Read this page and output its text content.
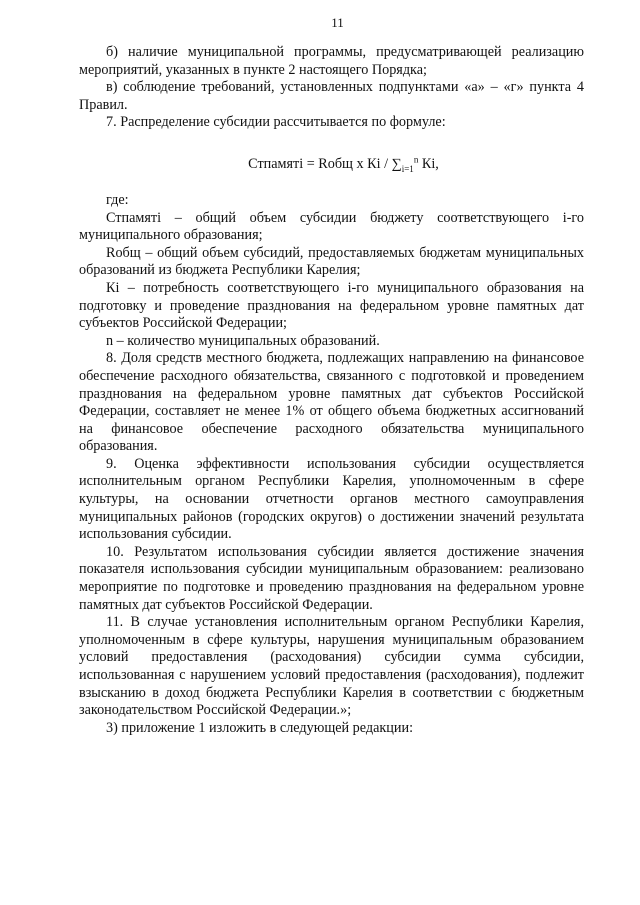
11

б) наличие муниципальной программы, предусматривающей реализацию мероприятий, указанных в пункте 2 настоящего Порядка;

в) соблюдение требований, установленных подпунктами «а» – «г» пункта 4 Правил.

7. Распределение субсидии рассчитывается по формуле:

Стпамяті = Rобщ х Кі / $\sum_{i=1}^n$ Кі,

где:

Стпамяті – общий объем субсидии бюджету соответствующего i-го муниципального образования;

Rобщ – общий объем субсидий, предоставляемых бюджетам муниципальных образований из бюджета Республики Карелия;

Кі – потребность соответствующего i-го муниципального образования на подготовку и проведение празднования на федеральном уровне памятных дат субъектов Российской Федерации;

n – количество муниципальных образований.

8. Доля средств местного бюджета, подлежащих направлению на финансовое обеспечение расходного обязательства, связанного с подготовкой и проведением празднования на федеральном уровне памятных дат субъектов Российской Федерации, составляет не менее 1% от общего объема бюджетных ассигнований на финансовое обеспечение расходного обязательства муниципального образования.

9. Оценка эффективности использования субсидии осуществляется исполнительным органом Республики Карелия, уполномоченным в сфере культуры, на основании отчетности органов местного самоуправления муниципальных районов (городских округов) о достижении значений результата использования субсидии.

10. Результатом использования субсидии является достижение значения показателя использования субсидии муниципальным образованием: реализовано мероприятие по подготовке и проведению празднования на федеральном уровне памятных дат субъектов Российской Федерации.

11. В случае установления исполнительным органом Республики Карелия, уполномоченным в сфере культуры, нарушения муниципальным образованием условий предоставления (расходования) субсидии сумма субсидии, использованная с нарушением условий предоставления (расходования), подлежит взысканию в доход бюджета Республики Карелия в соответствии с бюджетным законодательством Российской Федерации.»;

3) приложение 1 изложить в следующей редакции:
